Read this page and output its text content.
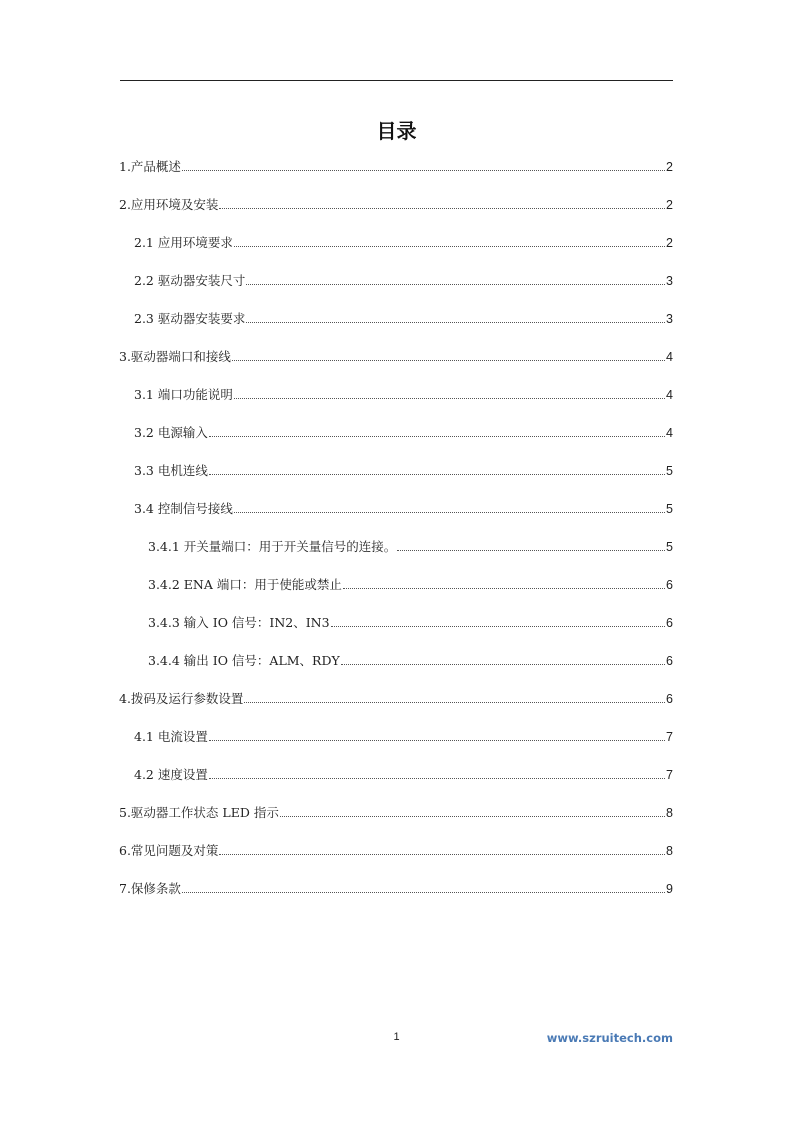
目录
1.产品概述	2
2.应用环境及安装	2
2.1 应用环境要求	2
2.2 驱动器安装尺寸	3
2.3 驱动器安装要求	3
3.驱动器端口和接线	4
3.1 端口功能说明	4
3.2 电源输入	4
3.3 电机连线	5
3.4 控制信号接线	5
3.4.1 开关量端口：用于开关量信号的连接。	5
3.4.2 ENA 端口：用于使能或禁止	6
3.4.3 输入 IO 信号：IN2、IN3	6
3.4.4 输出 IO 信号：ALM、RDY	6
4.拨码及运行参数设置	6
4.1 电流设置	7
4.2 速度设置	7
5.驱动器工作状态 LED 指示	8
6.常见问题及对策	8
7.保修条款	9
1	www.szruitech.com
